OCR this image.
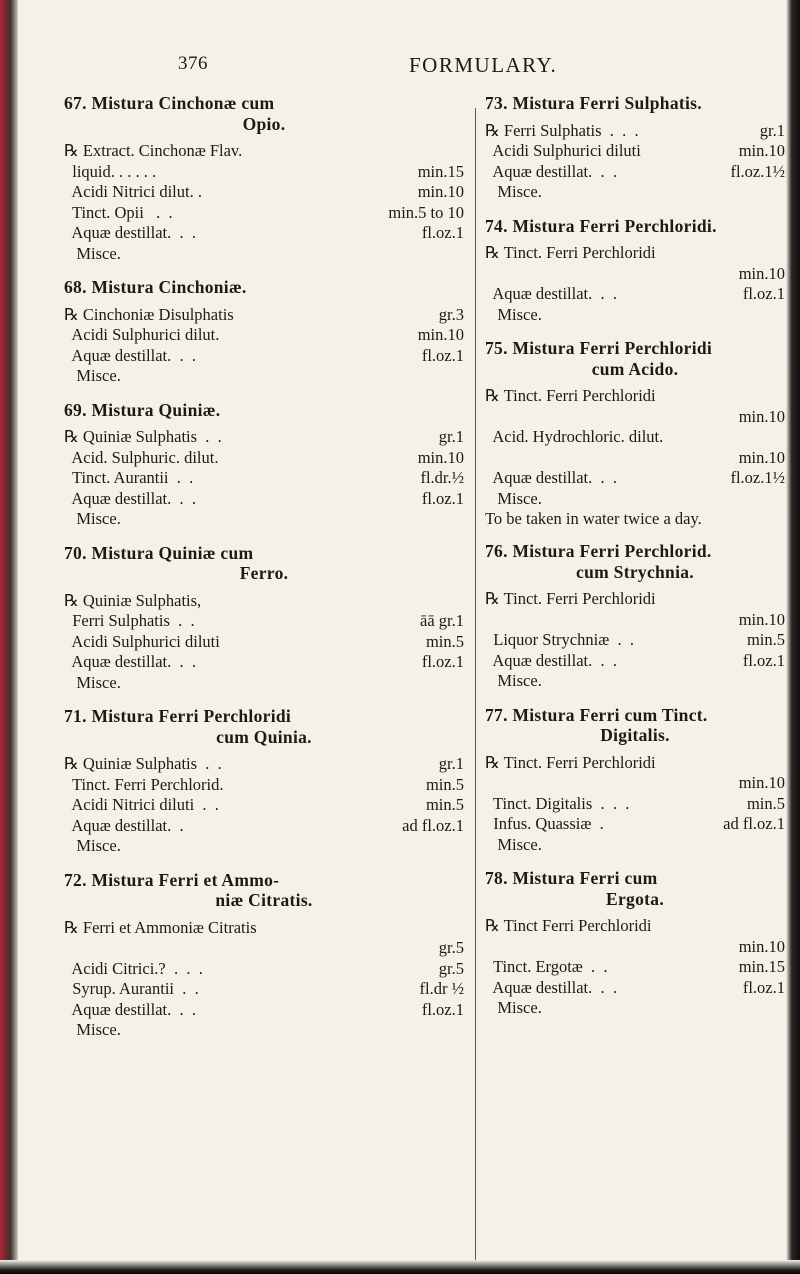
376	FORMULARY.
67. Mistura Cinchonæ cum
Opio.
℞ Extract. Cinchonæ Flav.
liquid. . . . . .	min.15
Acidi Nitrici dilut. .	min.10
Tinct. Opii   .  .	min.5 to 10
Aquæ destillat.  .  .	fl.oz.1
Misce.
68. Mistura Cinchoniæ.
℞ Cinchoniæ Disulphatis	gr.3
Acidi Sulphurici dilut.	min.10
Aquæ destillat.  .  .	fl.oz.1
Misce.
69. Mistura Quiniæ.
℞ Quiniæ Sulphatis  .  .	gr.1
Acid. Sulphuric. dilut.	min.10
Tinct. Aurantii  .  .	fl.dr.½
Aquæ destillat.  .  .	fl.oz.1
Misce.
70. Mistura Quiniæ cum
Ferro.
℞ Quiniæ Sulphatis,
Ferri Sulphatis  .  .	āā gr.1
Acidi Sulphurici diluti	min.5
Aquæ destillat.  .  .	fl.oz.1
Misce.
71. Mistura Ferri Perchloridi
cum Quinia.
℞ Quiniæ Sulphatis  .  .	gr.1
Tinct. Ferri Perchlorid.	min.5
Acidi Nitrici diluti  .  .	min.5
Aquæ destillat.  .	ad fl.oz.1
Misce.
72. Mistura Ferri et Ammo-
niæ Citratis.
℞ Ferri et Ammoniæ Citratis
gr.5
Acidi Citrici.?  .  .  .	gr.5
Syrup. Aurantii  .  .	fl.dr ½
Aquæ destillat.  .  .	fl.oz.1
Misce.
73. Mistura Ferri Sulphatis.
℞ Ferri Sulphatis  .  .  .	gr.1
Acidi Sulphurici diluti	min.10
Aquæ destillat.  .  .	fl.oz.1½
Misce.
74. Mistura Ferri Perchloridi.
℞ Tinct. Ferri Perchloridi
min.10
Aquæ destillat.  .  .	fl.oz.1
Misce.
75. Mistura Ferri Perchloridi
cum Acido.
℞ Tinct. Ferri Perchloridi
min.10
Acid. Hydrochloric. dilut.
min.10
Aquæ destillat.  .  .	fl.oz.1½
Misce.
To be taken in water twice a day.
76. Mistura Ferri Perchlorid.
cum Strychnia.
℞ Tinct. Ferri Perchloridi
min.10
Liquor Strychniæ  .  .	min.5
Aquæ destillat.  .  .	fl.oz.1
Misce.
77. Mistura Ferri cum Tinct.
Digitalis.
℞ Tinct. Ferri Perchloridi
min.10
Tinct. Digitalis  .  .  .	min.5
Infus. Quassiæ  .	ad fl.oz.1
Misce.
78. Mistura Ferri cum
Ergota.
℞ Tinct Ferri Perchloridi
min.10
Tinct. Ergotæ  .  .	min.15
Aquæ destillat.  .  .	fl.oz.1
Misce.
